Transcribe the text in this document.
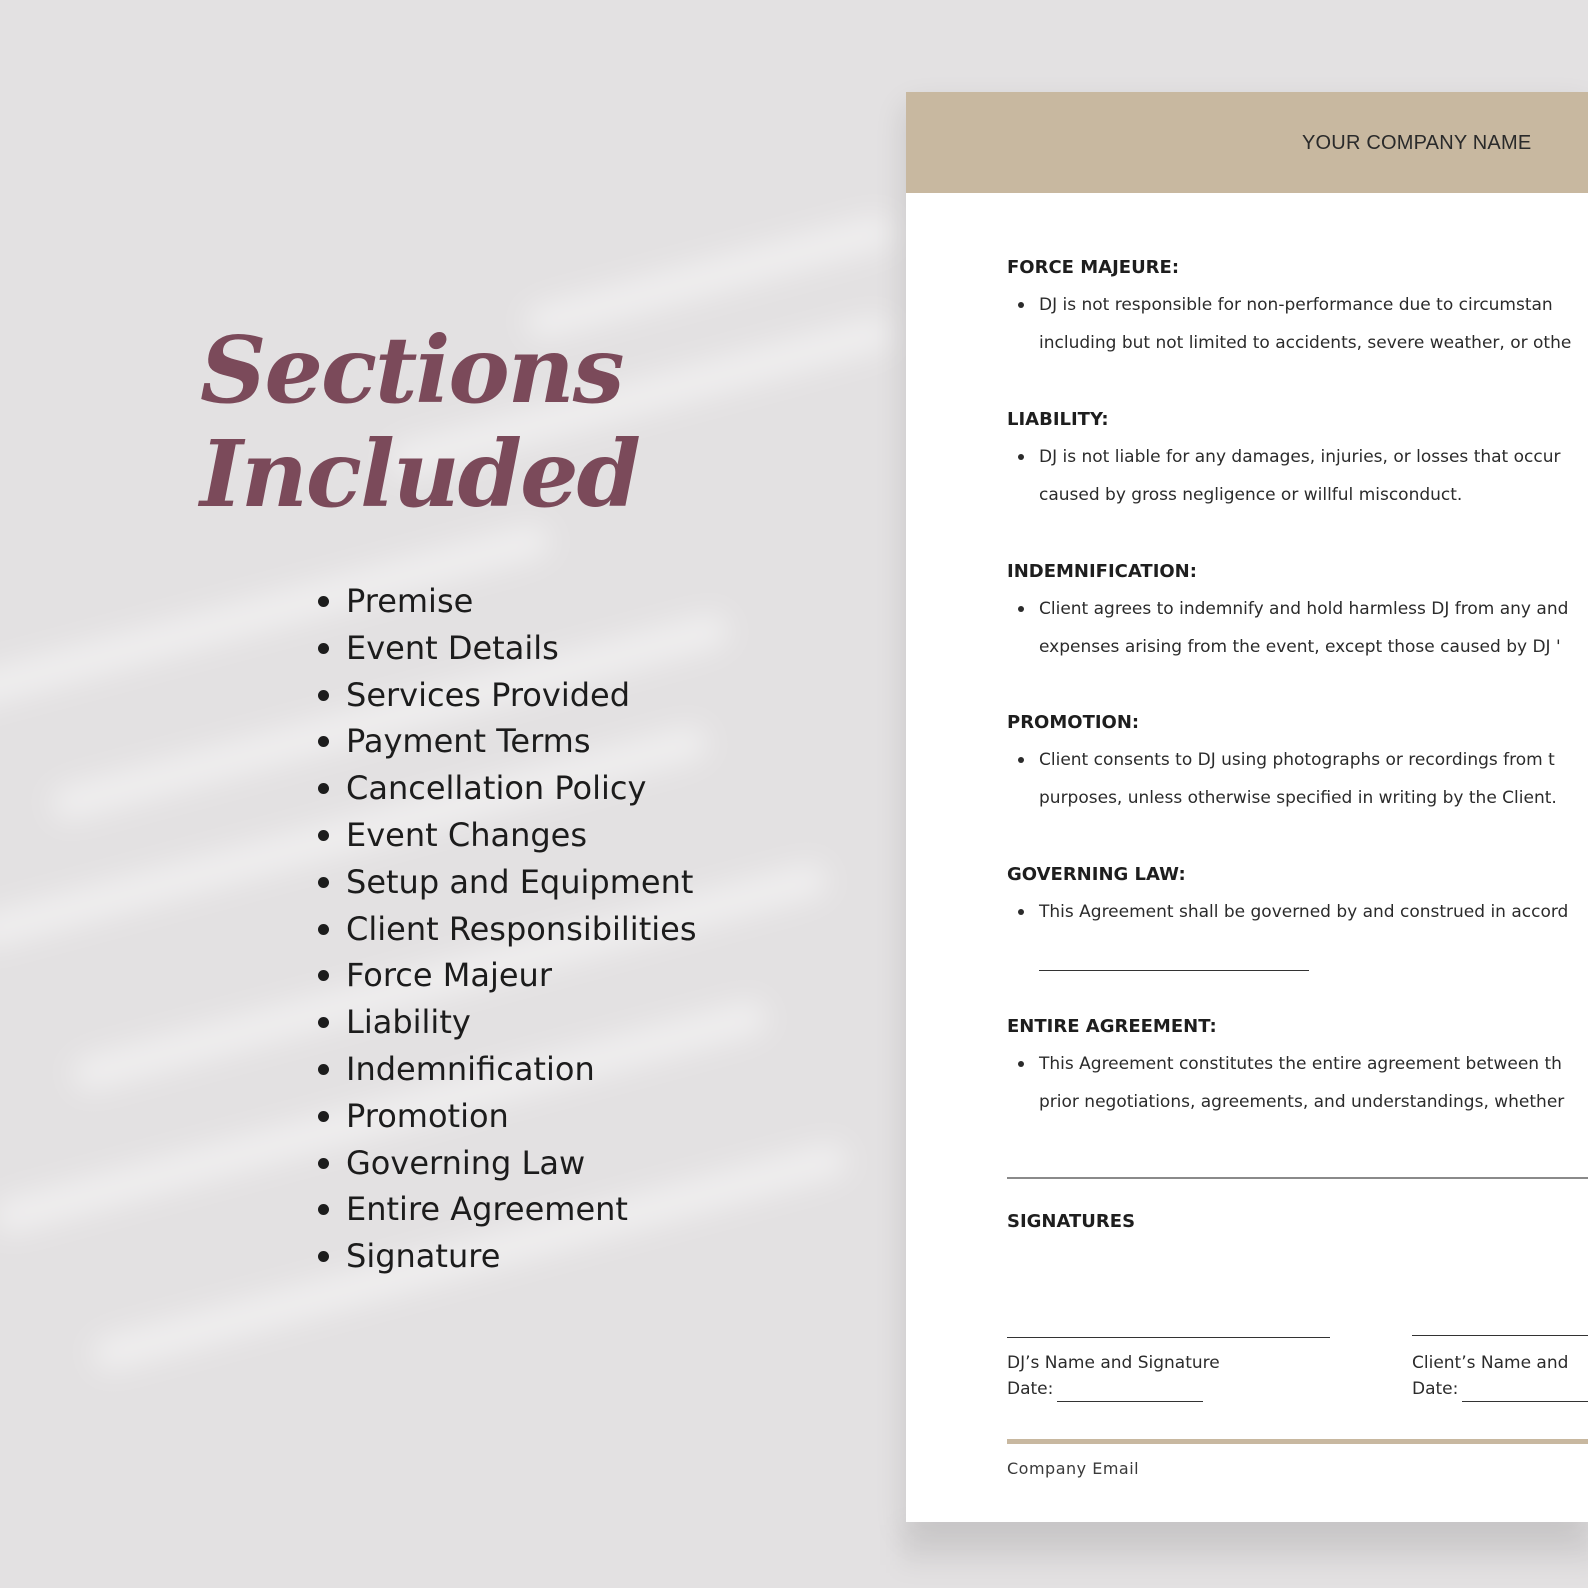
Sections
Included
Premise
Event Details
Services Provided
Payment Terms
Cancellation Policy
Event Changes
Setup and Equipment
Client Responsibilities
Force Majeur
Liability
Indemnification
Promotion
Governing Law
Entire Agreement
Signature
YOUR COMPANY NAME
FORCE MAJEURE:
DJ is not responsible for non-performance due to circumstan
including but not limited to accidents, severe weather, or othe
LIABILITY:
DJ is not liable for any damages, injuries, or losses that occur
caused by gross negligence or willful misconduct.
INDEMNIFICATION:
Client agrees to indemnify and hold harmless DJ from any and
expenses arising from the event, except those caused by DJ '
PROMOTION:
Client consents to DJ using photographs or recordings from t
purposes, unless otherwise specified in writing by the Client.
GOVERNING LAW:
This Agreement shall be governed by and construed in accord
ENTIRE AGREEMENT:
This Agreement constitutes the entire agreement between th
prior negotiations, agreements, and understandings, whether
SIGNATURES
DJ’s Name and Signature
Date:
Client’s Name and
Date:
Company Email
